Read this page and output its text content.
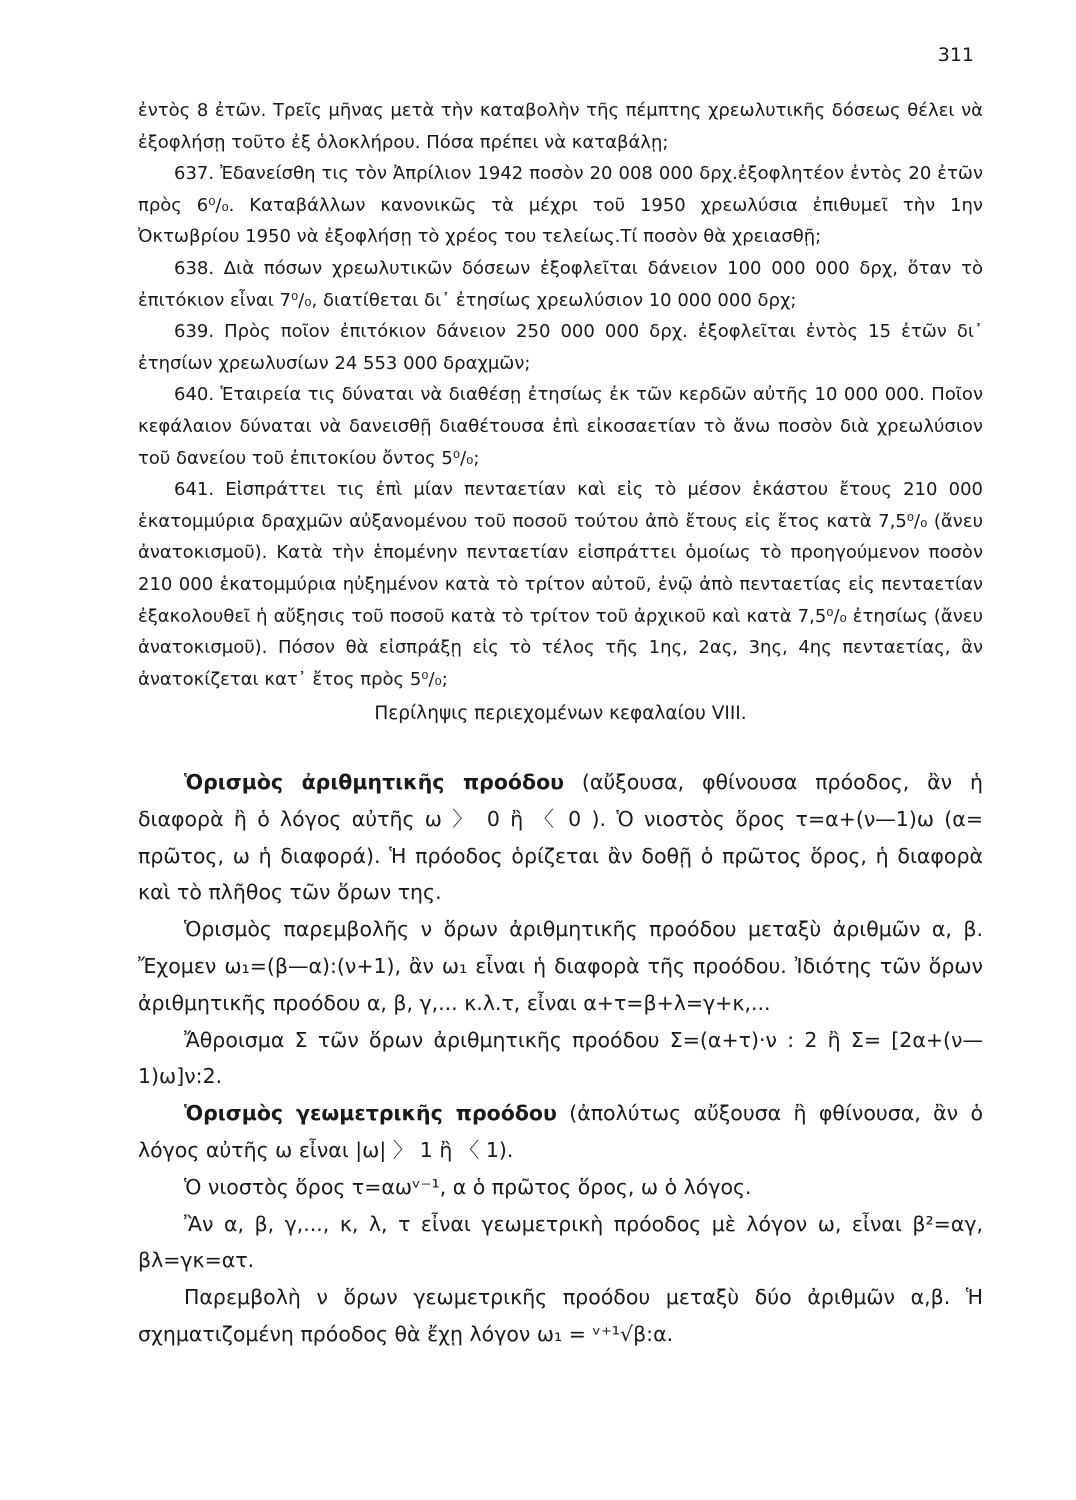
311

ἐντὸς 8 ἐτῶν. Τρεῖς μῆνας μετὰ τὴν καταβολὴν τῆς πέμπτης χρεωλυτικῆς δόσεως θέλει νὰ ἐξοφλήσῃ τοῦτο ἐξ ὁλοκλήρου. Πόσα πρέπει νὰ καταβάλῃ;

637. Ἐδανείσθη τις τὸν Ἀπρίλιον 1942 ποσὸν 20 008 000 δρχ.ἐξοφλητέον ἐντὸς 20 ἐτῶν πρὸς 6⁰/₀. Καταβάλλων κανονικῶς τὰ μέχρι τοῦ 1950 χρεωλύσια ἐπιθυμεῖ τὴν 1ην Ὀκτωβρίου 1950 νὰ ἐξοφλήσῃ τὸ χρέος του τελείως.Τί ποσὸν θὰ χρειασθῇ;

638. Διὰ πόσων χρεωλυτικῶν δόσεων ἐξοφλεῖται δάνειον 100 000 000 δρχ, ὅταν τὸ ἐπιτόκιον εἶναι 7⁰/₀, διατίθεται δι᾽ ἐτησίως χρεωλύσιον 10 000 000 δρχ;

639. Πρὸς ποῖον ἐπιτόκιον δάνειον 250 000 000 δρχ. ἐξοφλεῖται ἐντὸς 15 ἐτῶν δι᾽ ἐτησίων χρεωλυσίων 24 553 000 δραχμῶν;

640. Ἑταιρεία τις δύναται νὰ διαθέσῃ ἐτησίως ἐκ τῶν κερδῶν αὐτῆς 10 000 000. Ποῖον κεφάλαιον δύναται νὰ δανεισθῇ διαθέτουσα ἐπὶ εἰκοσαετίαν τὸ ἄνω ποσὸν διὰ χρεωλύσιον τοῦ δανείου τοῦ ἐπιτοκίου ὄντος 5⁰/₀;

641. Εἰσπράττει τις ἐπὶ μίαν πενταετίαν καὶ εἰς τὸ μέσον ἑκάστου ἔτους 210 000 ἑκατομμύρια δραχμῶν αὐξανομένου τοῦ ποσοῦ τούτου ἀπὸ ἔτους εἰς ἔτος κατὰ 7,5⁰/₀ (ἄνευ ἀνατοκισμοῦ). Κατὰ τὴν ἑπομένην πενταετίαν εἰσπράττει ὁμοίως τὸ προηγούμενον ποσὸν 210 000 ἑκατομμύρια ηὐξημένον κατὰ τὸ τρίτον αὐτοῦ, ἐνῷ ἀπὸ πενταετίας εἰς πενταετίαν ἐξακολουθεῖ ἡ αὔξησις τοῦ ποσοῦ κατὰ τὸ τρίτον τοῦ ἀρχικοῦ καὶ κατὰ 7,5⁰/₀ ἐτησίως (ἄνευ ἀνατοκισμοῦ). Πόσον θὰ εἰσπράξῃ εἰς τὸ τέλος τῆς 1ης, 2ας, 3ης, 4ης πενταετίας, ἂν ἀνατοκίζεται κατ᾽ ἔτος πρὸς 5⁰/₀;

Περίληψις περιεχομένων κεφαλαίου VIII.

Ὁρισμὸς ἀριθμητικῆς προόδου (αὔξουσα, φθίνουσα πρόοδος, ἂν ἡ διαφορὰ ἢ ὁ λόγος αὐτῆς ω 〉 0 ἢ 〈 0 ). Ὁ νιοστὸς ὅρος τ=α+(ν—1)ω (α= πρῶτος, ω ἡ διαφορά). Ἡ πρόοδος ὁρίζεται ἂν δοθῇ ὁ πρῶτος ὅρος, ἡ διαφορὰ καὶ τὸ πλῆθος τῶν ὅρων της.

Ὁρισμὸς παρεμβολῆς ν ὅρων ἀριθμητικῆς προόδου μεταξὺ ἀριθμῶν α, β. Ἔχομεν ω₁=(β—α):(ν+1), ἂν ω₁ εἶναι ἡ διαφορὰ τῆς προόδου. Ἰδιότης τῶν ὅρων ἀριθμητικῆς προόδου α, β, γ,... κ.λ.τ, εἶναι α+τ=β+λ=γ+κ,...

Ἄθροισμα Σ τῶν ὅρων ἀριθμητικῆς προόδου Σ=(α+τ)·ν : 2 ἢ Σ= [2α+(ν—1)ω]ν:2.

Ὁρισμὸς γεωμετρικῆς προόδου (ἀπολύτως αὔξουσα ἢ φθίνουσα, ἂν ὁ λόγος αὐτῆς ω εἶναι |ω| 〉 1 ἢ 〈 1).

Ὁ νιοστὸς ὅρος τ=αωᵛ⁻¹, α ὁ πρῶτος ὅρος, ω ὁ λόγος.

Ἂν α, β, γ,..., κ, λ, τ εἶναι γεωμετρικὴ πρόοδος μὲ λόγον ω, εἶναι β²=αγ, βλ=γκ=ατ.

Παρεμβολὴ ν ὅρων γεωμετρικῆς προόδου μεταξὺ δύο ἀριθμῶν α,β. Ἡ σχηματιζομένη πρόοδος θὰ ἔχῃ λόγον ω₁ = ᵛ⁺¹√β:α.
